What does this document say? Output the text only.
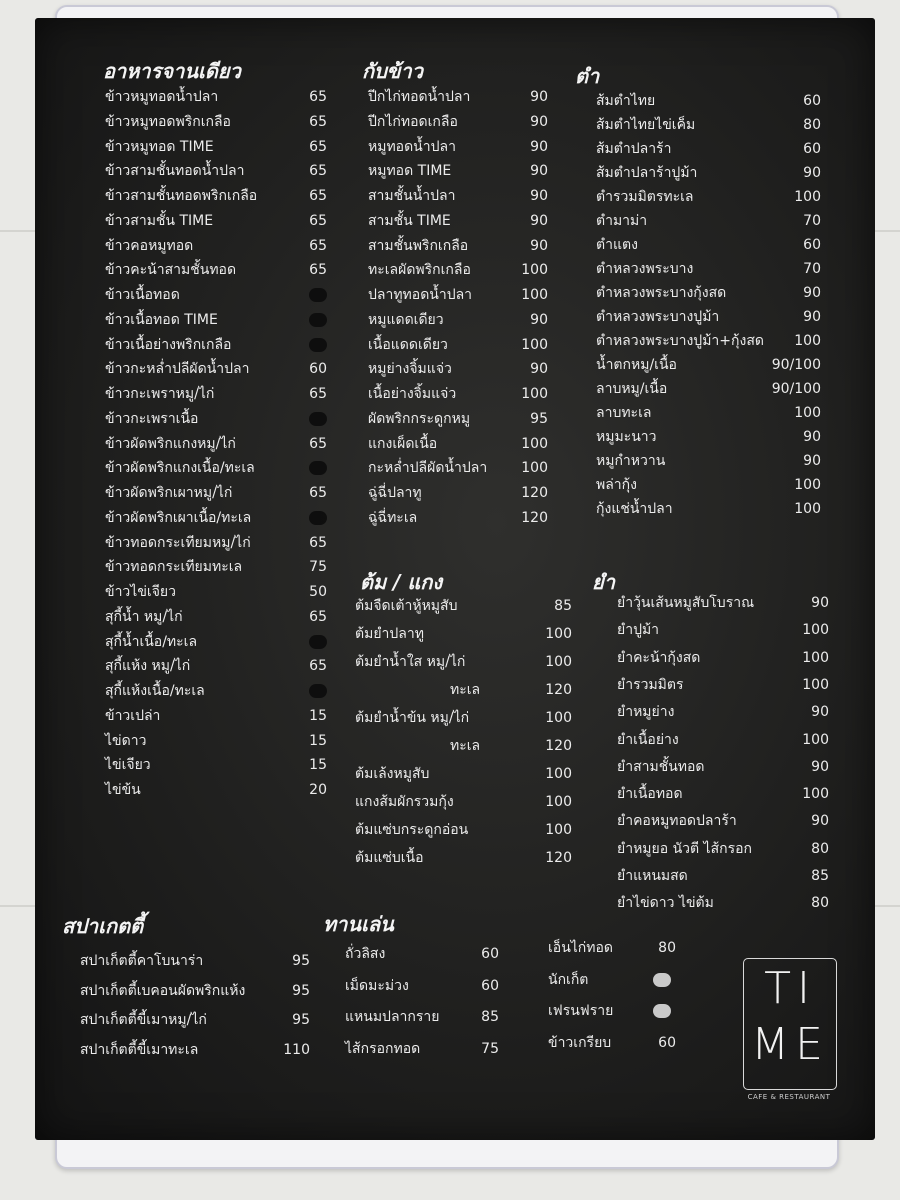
อาหารจานเดียว
ข้าวหมูทอดน้ำปลา	65
ข้าวหมูทอดพริกเกลือ	65
ข้าวหมูทอด TIME	65
ข้าวสามชั้นทอดน้ำปลา	65
ข้าวสามชั้นทอดพริกเกลือ	65
ข้าวสามชั้น TIME	65
ข้าวคอหมูทอด	65
ข้าวคะน้าสามชั้นทอด	65
ข้าวเนื้อทอด
ข้าวเนื้อทอด TIME
ข้าวเนื้อย่างพริกเกลือ
ข้าวกะหล่ำปลีผัดน้ำปลา	60
ข้าวกะเพราหมู/ไก่	65
ข้าวกะเพราเนื้อ
ข้าวผัดพริกแกงหมู/ไก่	65
ข้าวผัดพริกแกงเนื้อ/ทะเล
ข้าวผัดพริกเผาหมู/ไก่	65
ข้าวผัดพริกเผาเนื้อ/ทะเล
ข้าวทอดกระเทียมหมู/ไก่	65
ข้าวทอดกระเทียมทะเล	75
ข้าวไข่เจียว	50
สุกี้น้ำ หมู/ไก่	65
สุกี้น้ำเนื้อ/ทะเล
สุกี้แห้ง หมู/ไก่	65
สุกี้แห้งเนื้อ/ทะเล
ข้าวเปล่า	15
ไข่ดาว	15
ไข่เจียว	15
ไข่ข้น	20
กับข้าว
ปีกไก่ทอดน้ำปลา	90
ปีกไก่ทอดเกลือ	90
หมูทอดน้ำปลา	90
หมูทอด TIME	90
สามชั้นน้ำปลา	90
สามชั้น TIME	90
สามชั้นพริกเกลือ	90
ทะเลผัดพริกเกลือ	100
ปลาทูทอดน้ำปลา	100
หมูแดดเดียว	90
เนื้อแดดเดียว	100
หมูย่างจิ้มแจ่ว	90
เนื้อย่างจิ้มแจ่ว	100
ผัดพริกกระดูกหมู	95
แกงเผ็ดเนื้อ	100
กะหล่ำปลีผัดน้ำปลา	100
ฉู่ฉี่ปลาทู	120
ฉู่ฉี่ทะเล	120
ตำ
ส้มตำไทย	60
ส้มตำไทยไข่เค็ม	80
ส้มตำปลาร้า	60
ส้มตำปลาร้าปูม้า	90
ตำรวมมิตรทะเล	100
ตำมาม่า	70
ตำแตง	60
ตำหลวงพระบาง	70
ตำหลวงพระบางกุ้งสด	90
ตำหลวงพระบางปูม้า	90
ตำหลวงพระบางปูม้า+กุ้งสด	100
น้ำตกหมู/เนื้อ	90/100
ลาบหมู/เนื้อ	90/100
ลาบทะเล	100
หมูมะนาว	90
หมูกำหวาน	90
พล่ากุ้ง	100
กุ้งแช่น้ำปลา	100
ต้ม / แกง
ต้มจืดเต้าหู้หมูสับ	85
ต้มยำปลาทู	100
ต้มยำน้ำใส หมู/ไก่	100
ทะเล	120
ต้มยำน้ำข้น หมู/ไก่	100
ทะเล	120
ต้มเล้งหมูสับ	100
แกงส้มผักรวมกุ้ง	100
ต้มแซ่บกระดูกอ่อน	100
ต้มแซ่บเนื้อ	120
ยำ
ยำวุ้นเส้นหมูสับโบราณ	90
ยำปูม้า	100
ยำคะน้ากุ้งสด	100
ยำรวมมิตร	100
ยำหมูย่าง	90
ยำเนื้อย่าง	100
ยำสามชั้นทอด	90
ยำเนื้อทอด	100
ยำคอหมูทอดปลาร้า	90
ยำหมูยอ นัวตี ไส้กรอก	80
ยำแหนมสด	85
ยำไข่ดาว ไข่ต้ม	80
สปาเกตตี้
สปาเก็ตตี้คาโบนาร่า	95
สปาเก็ตตี้เบคอนผัดพริกแห้ง	95
สปาเก็ตตี้ขี้เมาหมู/ไก่	95
สปาเก็ตตี้ขี้เมาทะเล	110
ทานเล่น
ถั่วลิสง	60
เม็ดมะม่วง	60
แหนมปลากราย	85
ไส้กรอกทอด	75
เอ็นไก่ทอด	80
นักเก็ต
เฟรนฟราย
ข้าวเกรียบ	60
TI
ME
CAFE & RESTAURANT
